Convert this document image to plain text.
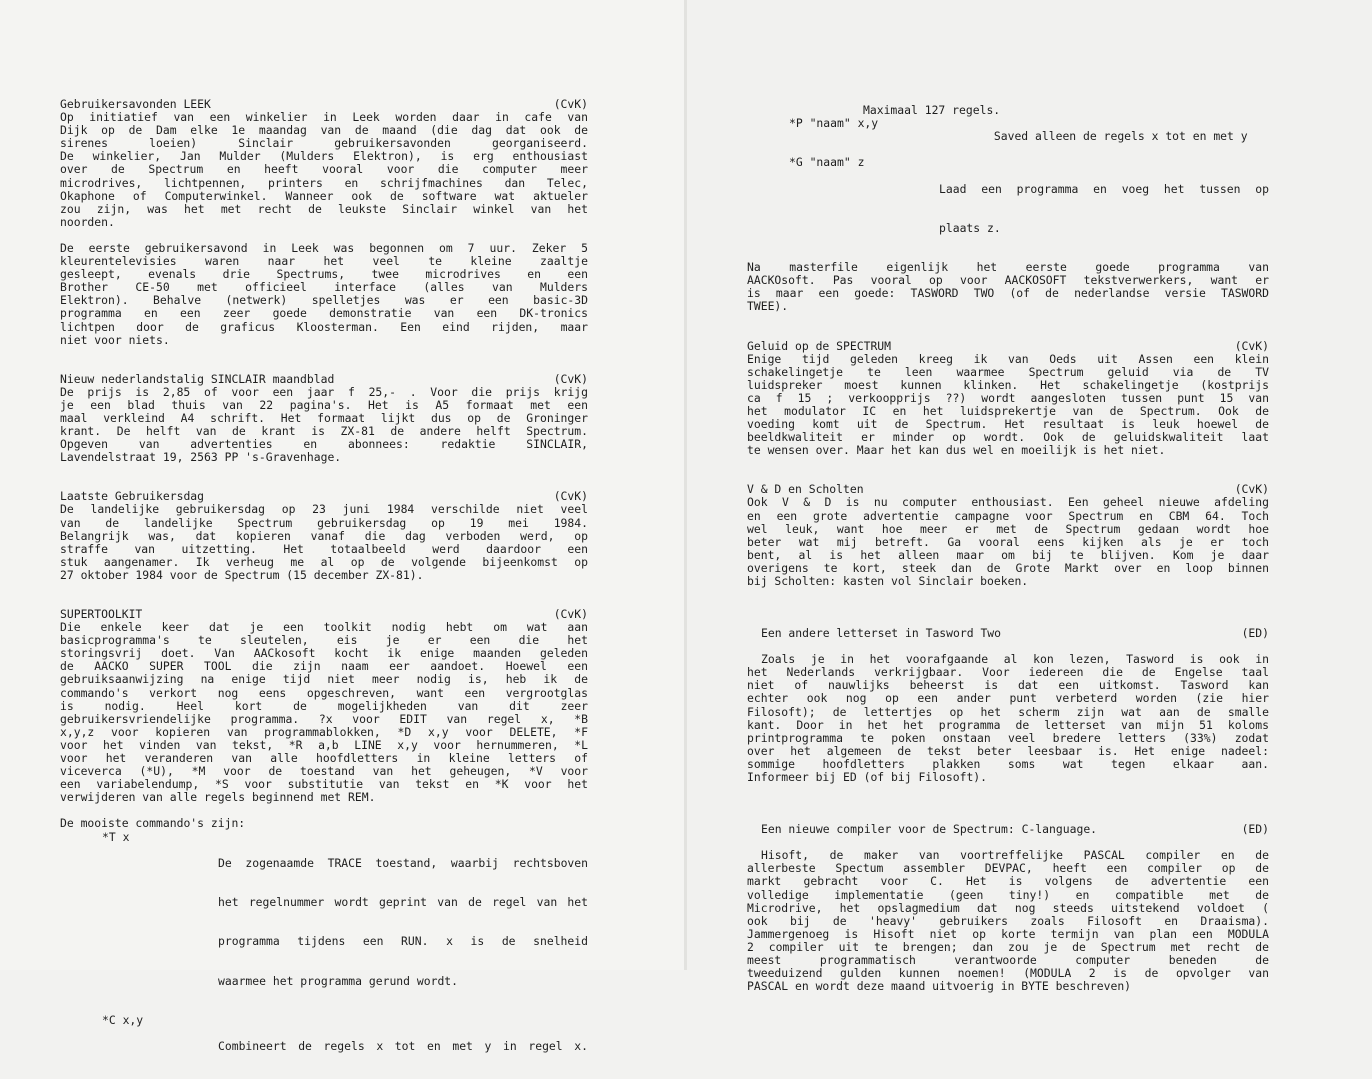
Gebruikersavonden LEEK	(CvK)
Op initiatief van een winkelier in Leek worden daar in cafe van
Dijk op de Dam elke 1e maandag van de maand (die dag dat ook de
sirenes loeien) Sinclair gebruikersavonden georganiseerd.
De winkelier, Jan Mulder (Mulders Elektron), is erg enthousiast
over de Spectrum en heeft vooral voor die computer meer
microdrives, lichtpennen, printers en schrijfmachines dan Telec,
Okaphone of Computerwinkel. Wanneer ook de software wat aktueler
zou zijn, was het met recht de leukste Sinclair winkel van het
noorden.
De eerste gebruikersavond in Leek was begonnen om 7 uur. Zeker 5
kleurentelevisies waren naar het veel te kleine zaaltje
gesleept, evenals drie Spectrums, twee microdrives en een
Brother CE-50 met officieel interface (alles van Mulders
Elektron). Behalve (netwerk) spelletjes was er een basic-3D
programma en een zeer goede demonstratie van een DK-tronics
lichtpen door de graficus Kloosterman. Een eind rijden, maar
niet voor niets.
Nieuw nederlandstalig SINCLAIR maandblad	(CvK)
De prijs is 2,85 of voor een jaar f 25,- . Voor die prijs krijg
je een blad thuis van 22 pagina's. Het is A5 formaat met een
maal verkleind A4 schrift. Het formaat lijkt dus op de Groninger
krant. De helft van de krant is ZX-81 de andere helft Spectrum.
Opgeven van advertenties en abonnees: redaktie SINCLAIR,
Lavendelstraat 19, 2563 PP 's-Gravenhage.
Laatste Gebruikersdag	(CvK)
De landelijke gebruikersdag op 23 juni 1984 verschilde niet veel
van de landelijke Spectrum gebruikersdag op 19 mei 1984.
Belangrijk was, dat kopieren vanaf die dag verboden werd, op
straffe van uitzetting. Het totaalbeeld werd daardoor een
stuk aangenamer. Ik verheug me al op de volgende bijeenkomst op
27 oktober 1984 voor de Spectrum (15 december ZX-81).
SUPERTOOLKIT	(CvK)
Die enkele keer dat je een toolkit nodig hebt om wat aan
basicprogramma's te sleutelen, eis je er een die het
storingsvrij doet. Van AACkosoft kocht ik enige maanden geleden
de AACKO SUPER TOOL die zijn naam eer aandoet. Hoewel een
gebruiksaanwijzing na enige tijd niet meer nodig is, heb ik de
commando's verkort nog eens opgeschreven, want een vergrootglas
is nodig. Heel kort de mogelijkheden van dit zeer
gebruikersvriendelijke programma. ?x voor EDIT van regel x, *B
x,y,z voor kopieren van programmablokken, *D x,y voor DELETE, *F
voor het vinden van tekst, *R a,b LINE x,y voor hernummeren, *L
voor het veranderen van alle hoofdletters in kleine letters of
viceverca (*U), *M voor de toestand van het geheugen, *V voor
een variabelendump, *S voor substitutie van tekst en *K voor het
verwijderen van alle regels beginnend met REM.
De mooiste commando's zijn:
*T x

De zogenaamde TRACE toestand, waarbij rechtsboven

het regelnummer wordt geprint van de regel van het

programma tijdens een RUN. x is de snelheid

waarmee het programma gerund wordt.

*C x,y

Combineert de regels x tot en met y in regel x.

Maximaal 127 regels.
*P "naam" x,y

Saved alleen de regels x tot en met y

*G "naam" z

Laad een programma en voeg het tussen op

plaats z.

Na masterfile eigenlijk het eerste goede programma van
AACKOsoft. Pas vooral op voor AACKOSOFT tekstverwerkers, want er
is maar een goede: TASWORD TWO (of de nederlandse versie TASWORD
TWEE).
Geluid op de SPECTRUM	(CvK)
Enige tijd geleden kreeg ik van Oeds uit Assen een klein
schakelingetje te leen waarmee Spectrum geluid via de TV
luidspreker moest kunnen klinken. Het schakelingetje (kostprijs
ca f 15 ; verkoopprijs ??) wordt aangesloten tussen punt 15 van
het modulator IC en het luidsprekertje van de Spectrum. Ook de
voeding komt uit de Spectrum. Het resultaat is leuk hoewel de
beeldkwaliteit er minder op wordt. Ook de geluidskwaliteit laat
te wensen over. Maar het kan dus wel en moeilijk is het niet.
V & D en Scholten	(CvK)
Ook V & D is nu computer enthousiast. Een geheel nieuwe afdeling
en een grote advertentie campagne voor Spectrum en CBM 64. Toch
wel leuk, want hoe meer er met de Spectrum gedaan wordt hoe
beter wat mij betreft. Ga vooral eens kijken als je er toch
bent, al is het alleen maar om bij te blijven. Kom je daar
overigens te kort, steek dan de Grote Markt over en loop binnen
bij Scholten: kasten vol Sinclair boeken.
Een andere letterset in Tasword Two	(ED)
Zoals je in het voorafgaande al kon lezen, Tasword is ook in
het Nederlands verkrijgbaar. Voor iedereen die de Engelse taal
niet of nauwlijks beheerst is dat een uitkomst. Tasword kan
echter ook nog op een ander punt verbeterd worden (zie hier
Filosoft); de lettertjes op het scherm zijn wat aan de smalle
kant. Door in het het programma de letterset van mijn 51 koloms
printprogramma te poken onstaan veel bredere letters (33%) zodat
over het algemeen de tekst beter leesbaar is. Het enige nadeel:
sommige hoofdletters plakken soms wat tegen elkaar aan.
Informeer bij ED (of bij Filosoft).
Een nieuwe compiler voor de Spectrum: C-language.	(ED)
Hisoft, de maker van voortreffelijke PASCAL compiler en de
allerbeste Spectum assembler DEVPAC, heeft een compiler op de
markt gebracht voor C. Het is volgens de advertentie een
volledige implementatie (geen tiny!) en compatible met de
Microdrive, het opslagmedium dat nog steeds uitstekend voldoet (
ook bij de 'heavy' gebruikers zoals Filosoft en Draaisma).
Jammergenoeg is Hisoft niet op korte termijn van plan een MODULA
2 compiler uit te brengen; dan zou je de Spectrum met recht de
meest programmatisch verantwoorde computer beneden de
tweeduizend gulden kunnen noemen! (MODULA 2 is de opvolger van
PASCAL en wordt deze maand uitvoerig in BYTE beschreven)
